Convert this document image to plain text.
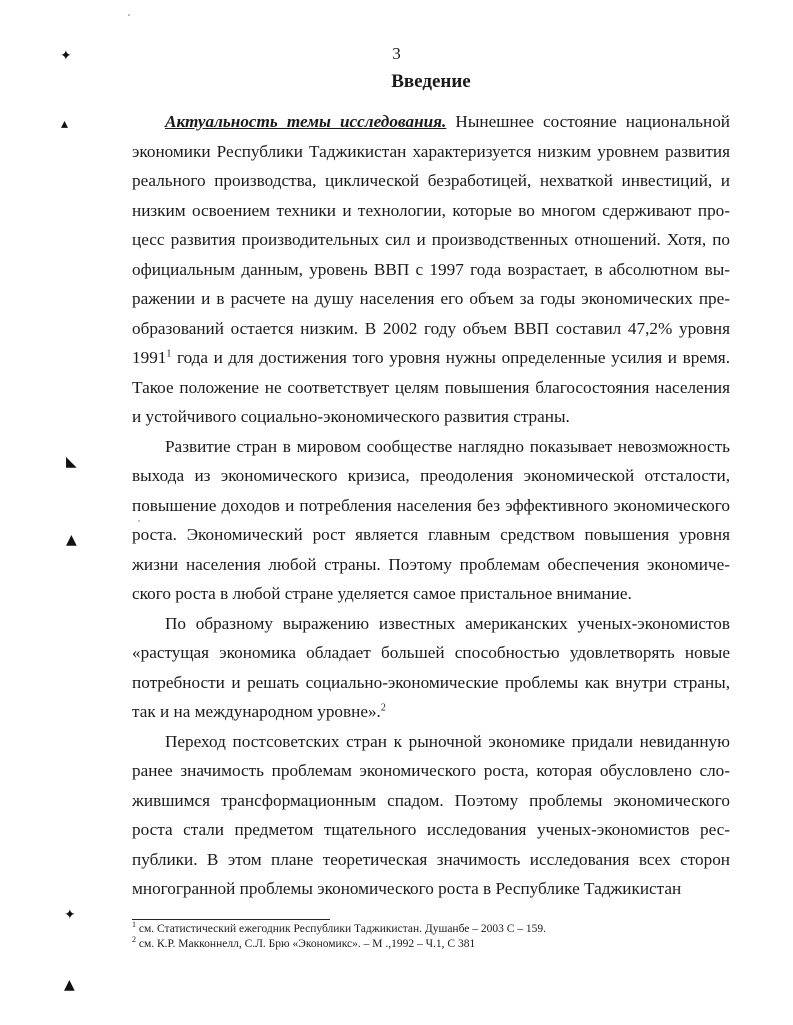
3
Введение

Актуальность темы исследования. Нынешнее состояние национальной экономики Республики Таджикистан характеризуется низким уровнем развития реального производства, циклической безработицей, нехваткой инвестиций, и низким освоением техники и технологии, которые во многом сдерживают процесс развития производительных сил и производственных отношений. Хотя, по официальным данным, уровень ВВП с 1997 года возрастает, в абсолютном выражении и в расчете на душу населения его объем за годы экономических преобразований остается низким. В 2002 году объем ВВП составил 47,2% уровня 1991$^1$ года и для достижения того уровня нужны определенные усилия и время. Такое положение не соответствует целям повышения благосостояния населения и устойчивого социально-экономического развития страны.

Развитие стран в мировом сообществе наглядно показывает невозможность выхода из экономического кризиса, преодоления экономической отсталости, повышение доходов и потребления населения без эффективного экономического роста. Экономический рост является главным средством повышения уровня жизни населения любой страны. Поэтому проблемам обеспечения экономического роста в любой стране уделяется самое пристальное внимание.

По образному выражению известных американских ученых-экономистов «растущая экономика обладает большей способностью удовлетворять новые потребности и решать социально-экономические проблемы как внутри страны, так и на международном уровне».$^2$

Переход постсоветских стран к рыночной экономике придали невиданную ранее значимость проблемам экономического роста, которая обусловлено сложившимся трансформационным спадом. Поэтому проблемы экономического роста стали предметом тщательного исследования ученых-экономистов республики. В этом плане теоретическая значимость исследования всех сторон многогранной проблемы экономического роста в Республике Таджикистан

$^1$ см. Статистический ежегодник Республики Таджикистан. Душанбе – 2003 С – 159.
$^2$ см. К.Р. Макконнелл, С.Л. Брю «Экономикс». – М .,1992 – Ч.1, С 381
✦
▴
◣
▲
✦
▲
